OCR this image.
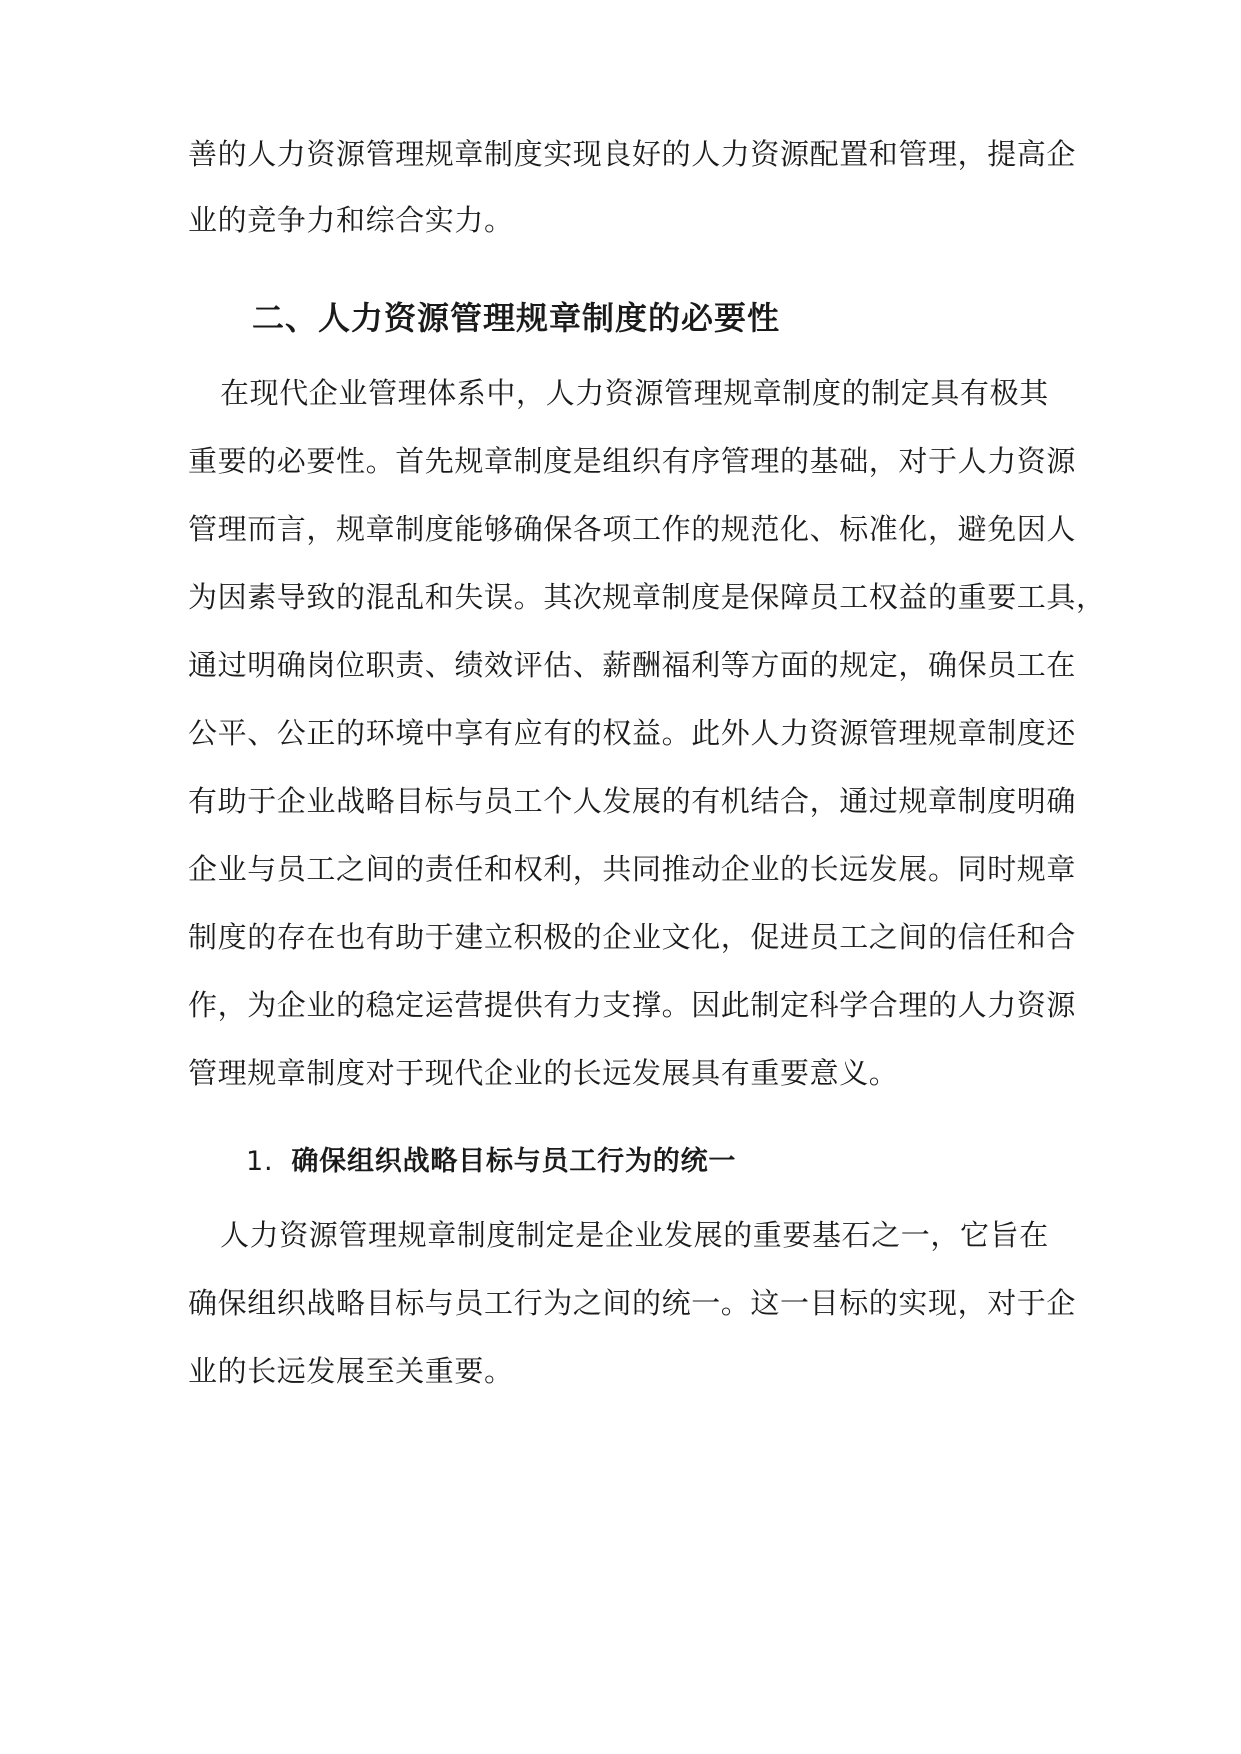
善的人力资源管理规章制度实现良好的人力资源配置和管理，提高企
业的竞争力和综合实力。
二、人力资源管理规章制度的必要性
在现代企业管理体系中，人力资源管理规章制度的制定具有极其
重要的必要性。首先规章制度是组织有序管理的基础，对于人力资源
管理而言，规章制度能够确保各项工作的规范化、标准化，避免因人
为因素导致的混乱和失误。其次规章制度是保障员工权益的重要工具，
通过明确岗位职责、绩效评估、薪酬福利等方面的规定，确保员工在
公平、公正的环境中享有应有的权益。此外人力资源管理规章制度还
有助于企业战略目标与员工个人发展的有机结合，通过规章制度明确
企业与员工之间的责任和权利，共同推动企业的长远发展。同时规章
制度的存在也有助于建立积极的企业文化，促进员工之间的信任和合
作，为企业的稳定运营提供有力支撑。因此制定科学合理的人力资源
管理规章制度对于现代企业的长远发展具有重要意义。
1. 确保组织战略目标与员工行为的统一
人力资源管理规章制度制定是企业发展的重要基石之一，它旨在
确保组织战略目标与员工行为之间的统一。这一目标的实现，对于企
业的长远发展至关重要。
